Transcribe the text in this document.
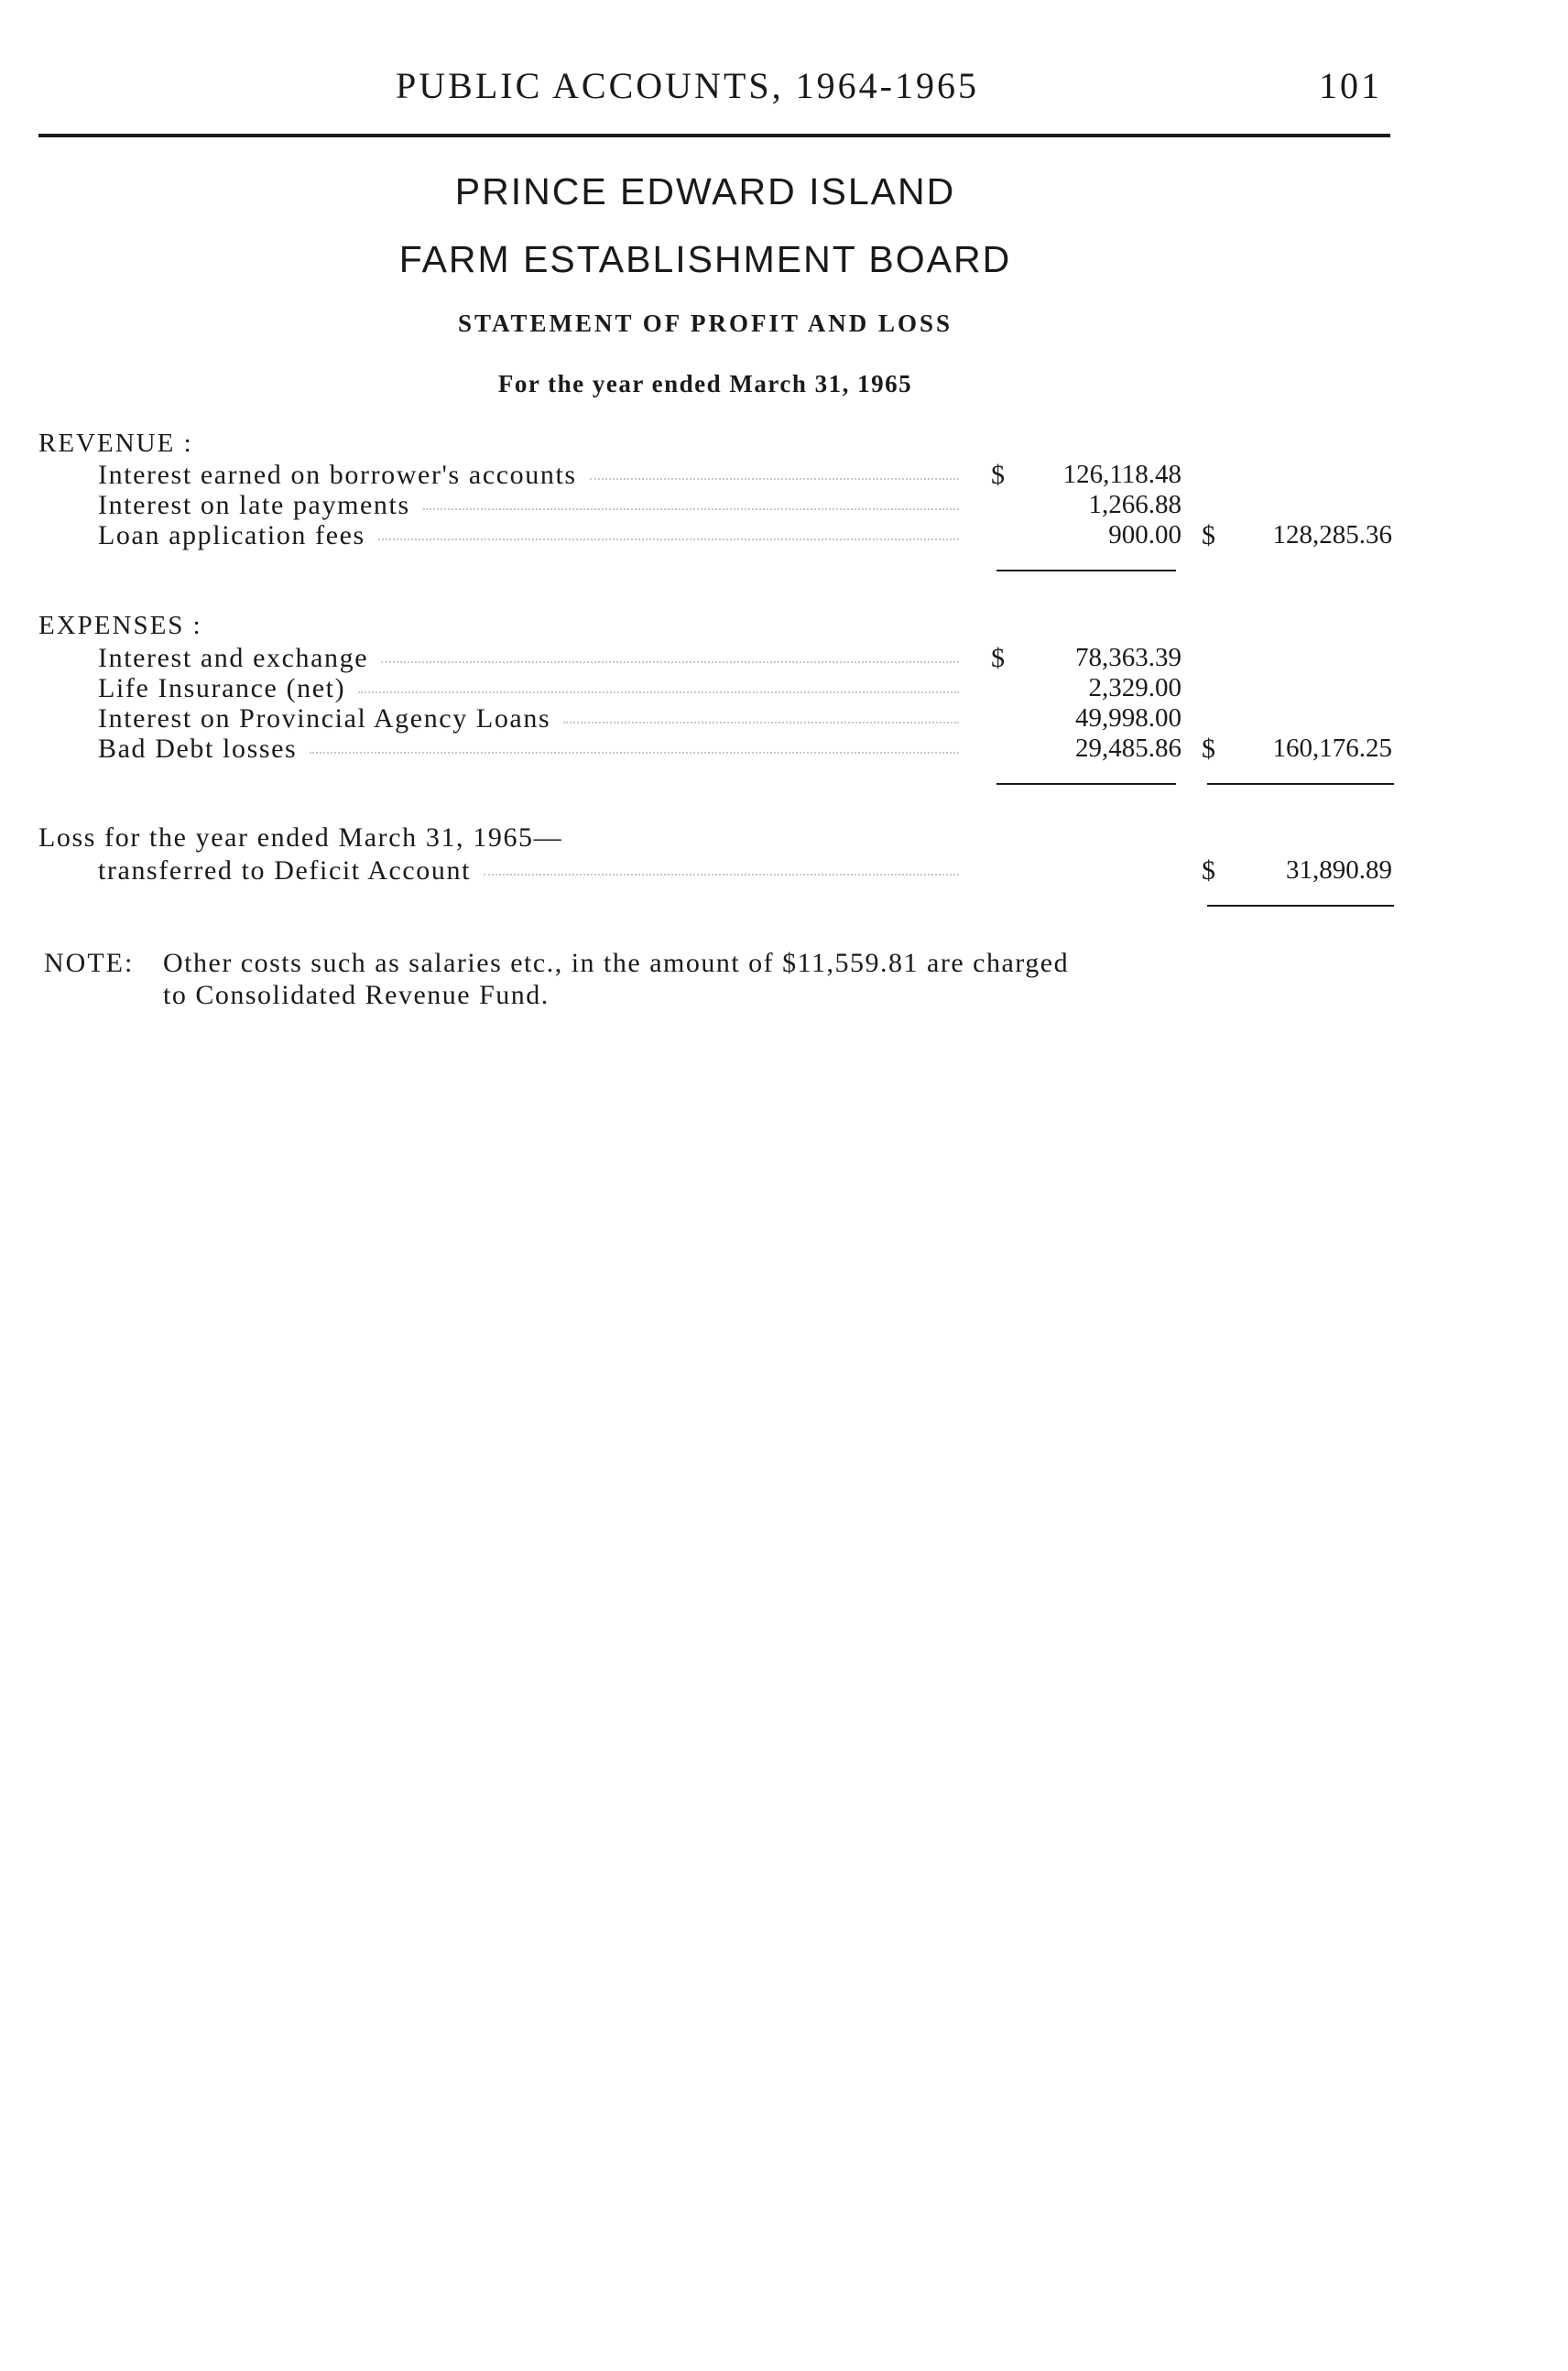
PUBLIC ACCOUNTS, 1964-1965	101
PRINCE EDWARD ISLAND
FARM ESTABLISHMENT BOARD
STATEMENT OF PROFIT AND LOSS
For the year ended March 31, 1965
REVENUE :
Interest earned on borrower's accounts	$	126,118.48
Interest on late payments	1,266.88
Loan application fees	900.00 $	128,285.36
EXPENSES :
Interest and exchange	$	78,363.39
Life Insurance (net)	2,329.00
Interest on Provincial Agency Loans	49,998.00
Bad Debt losses	29,485.86 $	160,176.25
Loss for the year ended March 31, 1965—
transferred to Deficit Account	$	31,890.89
NOTE: Other costs such as salaries etc., in the amount of $11,559.81 are charged
to Consolidated Revenue Fund.
